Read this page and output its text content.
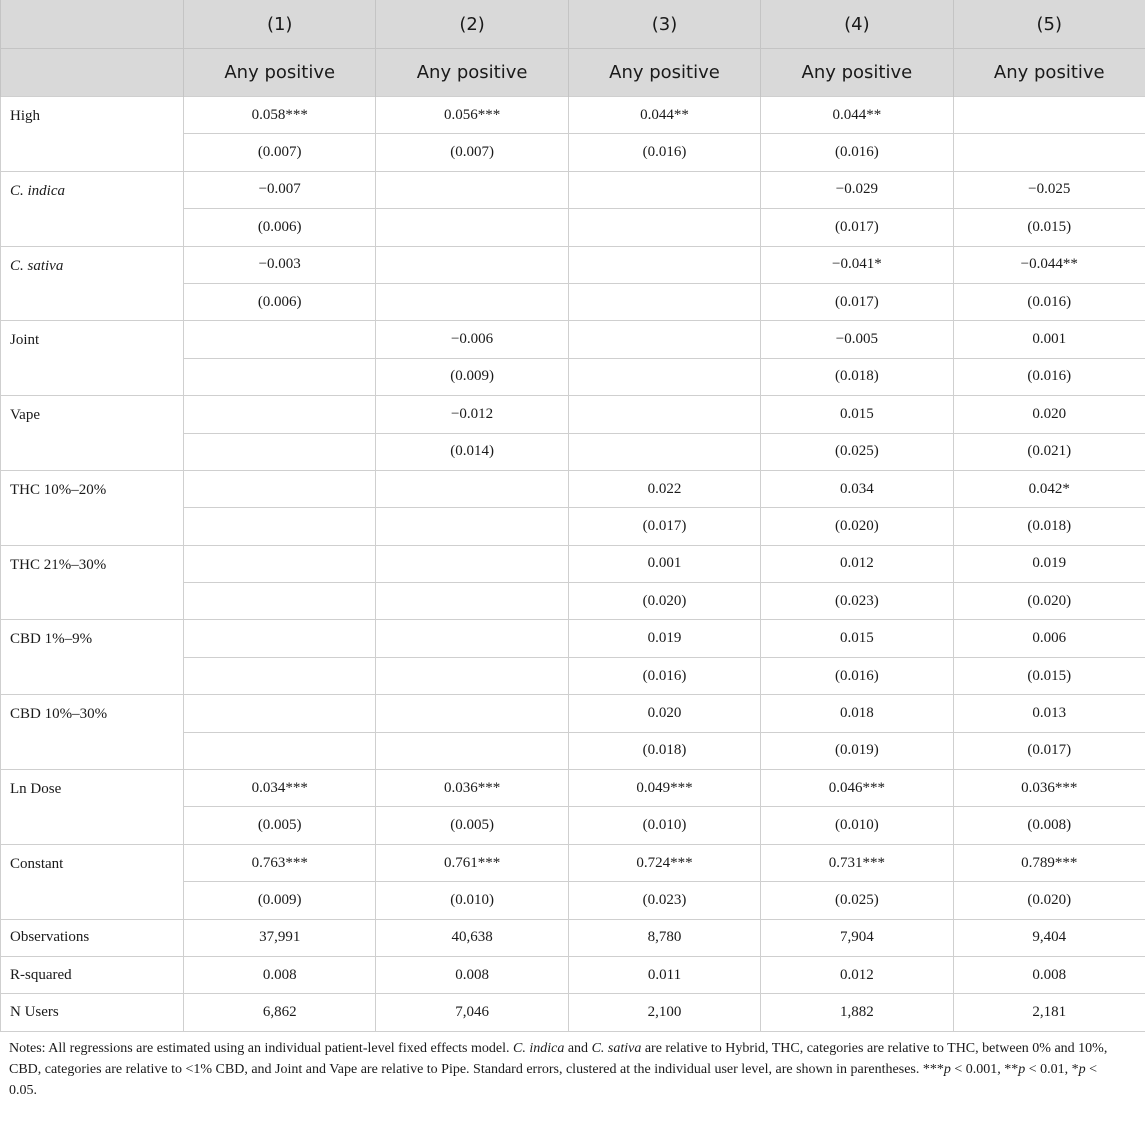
	(1)	(2)	(3)	(4)	(5)
	Any positive	Any positive	Any positive	Any positive	Any positive
High	0.058***	0.056***	0.044**	0.044**	
	(0.007)	(0.007)	(0.016)	(0.016)	
C. indica	−0.007			−0.029	−0.025
	(0.006)			(0.017)	(0.015)
C. sativa	−0.003			−0.041*	−0.044**
	(0.006)			(0.017)	(0.016)
Joint		−0.006		−0.005	0.001
		(0.009)		(0.018)	(0.016)
Vape		−0.012		0.015	0.020
		(0.014)		(0.025)	(0.021)
THC 10%–20%			0.022	0.034	0.042*
			(0.017)	(0.020)	(0.018)
THC 21%–30%			0.001	0.012	0.019
			(0.020)	(0.023)	(0.020)
CBD 1%–9%			0.019	0.015	0.006
			(0.016)	(0.016)	(0.015)
CBD 10%–30%			0.020	0.018	0.013
			(0.018)	(0.019)	(0.017)
Ln Dose	0.034***	0.036***	0.049***	0.046***	0.036***
	(0.005)	(0.005)	(0.010)	(0.010)	(0.008)
Constant	0.763***	0.761***	0.724***	0.731***	0.789***
	(0.009)	(0.010)	(0.023)	(0.025)	(0.020)
Observations	37,991	40,638	8,780	7,904	9,404
R-squared	0.008	0.008	0.011	0.012	0.008
N Users	6,862	7,046	2,100	1,882	2,181
Notes: All regressions are estimated using an individual patient-level fixed effects model. C. indica and C. sativa are relative to Hybrid, THC, categories are relative to THC, between 0% and 10%, CBD, categories are relative to <1% CBD, and Joint and Vape are relative to Pipe. Standard errors, clustered at the individual user level, are shown in parentheses. ***p < 0.001, **p < 0.01, *p < 0.05.
